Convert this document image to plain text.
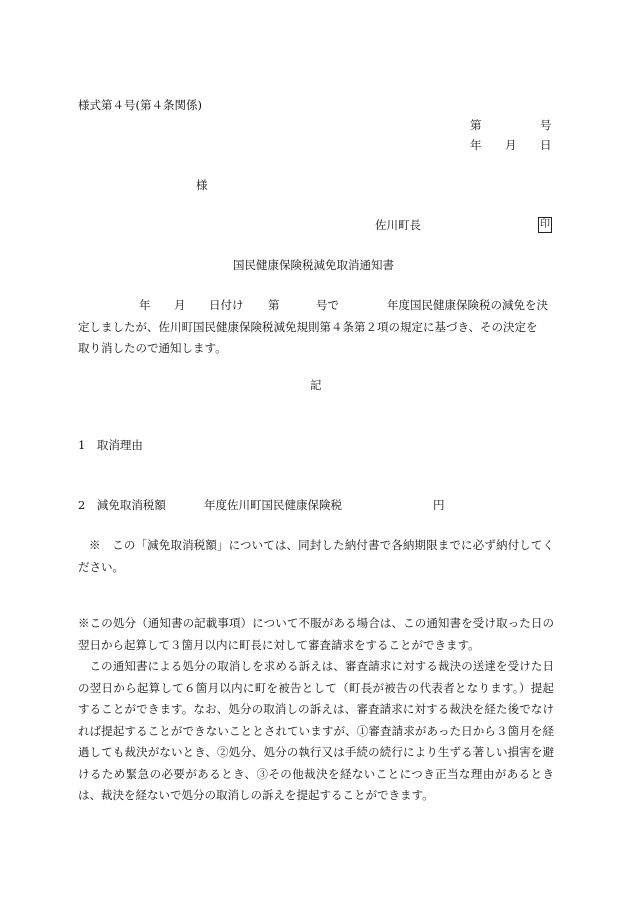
様式第４号(第４条関係)
第	号
年 月 日
様
佐川町長	印
国民健康保険税減免取消通知書
年 月 日付け 第	号で	年度国民健康保険税の減免を決
定しましたが、佐川町国民健康保険税減免規則第４条第２項の規定に基づき、その決定を
取り消したので通知します。
記
1　取消理由
2　減免取消税額	年度佐川町国民健康保険税	円
※　この「減免取消税額」については、同封した納付書で各納期限までに必ず納付してください。
※この処分（通知書の記載事項）について不服がある場合は、この通知書を受け取った日の翌日から起算して３箇月以内に町長に対して審査請求をすることができます。
この通知書による処分の取消しを求める訴えは、審査請求に対する裁決の送達を受けた日の翌日から起算して６箇月以内に町を被告として（町長が被告の代表者となります。）提起することができます。なお、処分の取消しの訴えは、審査請求に対する裁決を経た後でなければ提起することができないこととされていますが、①審査請求があった日から３箇月を経過しても裁決がないとき、②処分、処分の執行又は手続の続行により生ずる著しい損害を避けるため緊急の必要があるとき、③その他裁決を経ないことにつき正当な理由があるときは、裁決を経ないで処分の取消しの訴えを提起することができます。
